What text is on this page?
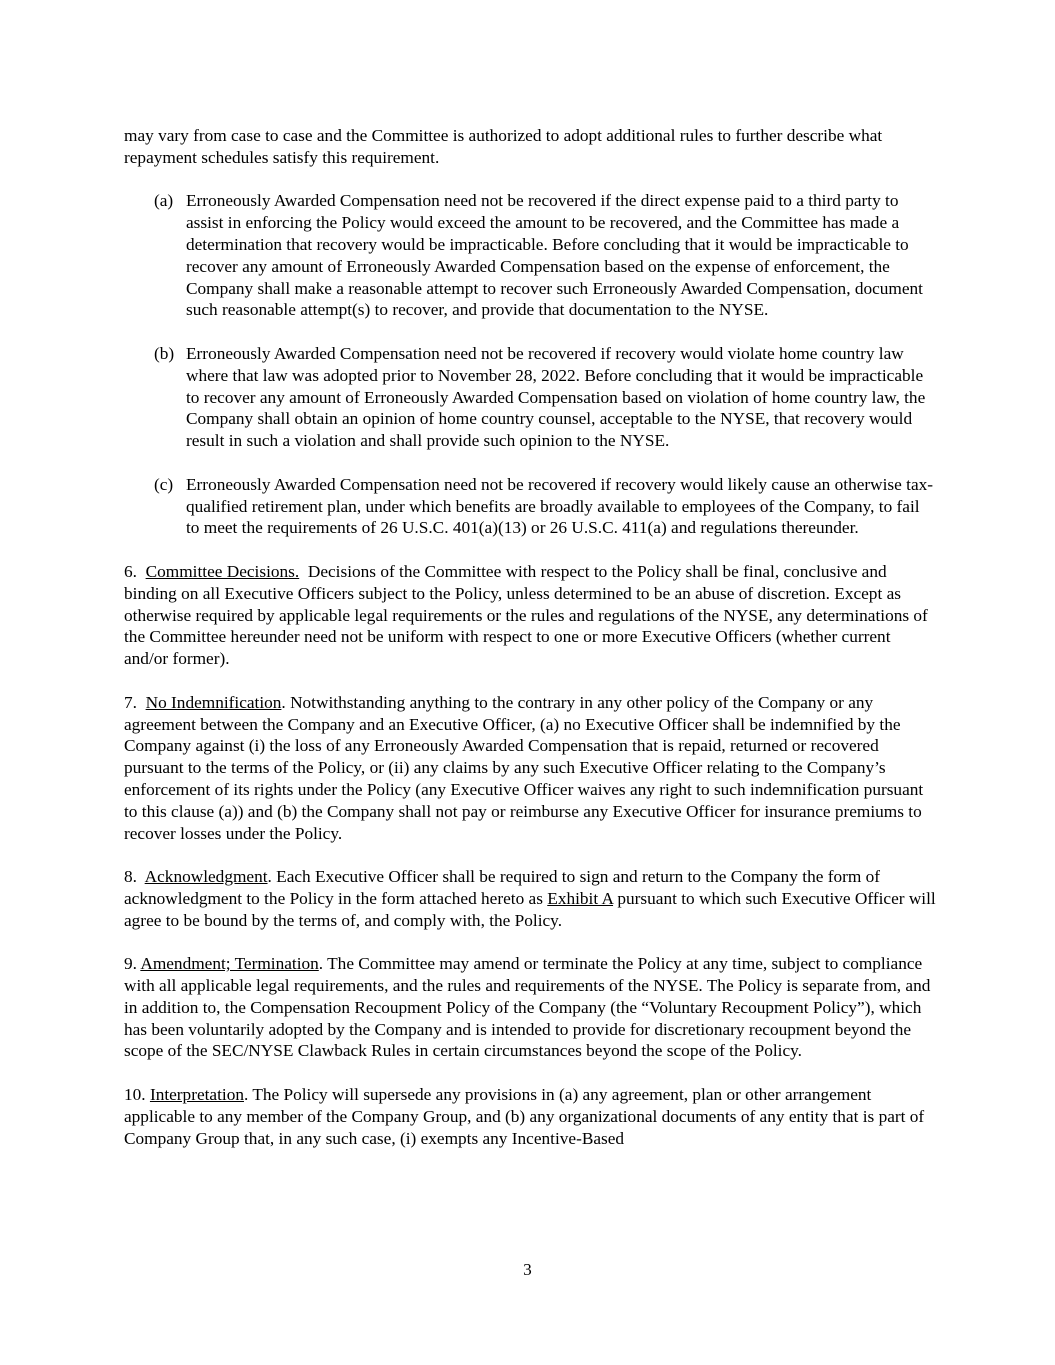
may vary from case to case and the Committee is authorized to adopt additional rules to further describe what repayment schedules satisfy this requirement.

(a) Erroneously Awarded Compensation need not be recovered if the direct expense paid to a third party to assist in enforcing the Policy would exceed the amount to be recovered, and the Committee has made a determination that recovery would be impracticable. Before concluding that it would be impracticable to recover any amount of Erroneously Awarded Compensation based on the expense of enforcement, the Company shall make a reasonable attempt to recover such Erroneously Awarded Compensation, document such reasonable attempt(s) to recover, and provide that documentation to the NYSE.

(b) Erroneously Awarded Compensation need not be recovered if recovery would violate home country law where that law was adopted prior to November 28, 2022. Before concluding that it would be impracticable to recover any amount of Erroneously Awarded Compensation based on violation of home country law, the Company shall obtain an opinion of home country counsel, acceptable to the NYSE, that recovery would result in such a violation and shall provide such opinion to the NYSE.

(c) Erroneously Awarded Compensation need not be recovered if recovery would likely cause an otherwise tax-qualified retirement plan, under which benefits are broadly available to employees of the Company, to fail to meet the requirements of 26 U.S.C. 401(a)(13) or 26 U.S.C. 411(a) and regulations thereunder.

6. Committee Decisions. Decisions of the Committee with respect to the Policy shall be final, conclusive and binding on all Executive Officers subject to the Policy, unless determined to be an abuse of discretion. Except as otherwise required by applicable legal requirements or the rules and regulations of the NYSE, any determinations of the Committee hereunder need not be uniform with respect to one or more Executive Officers (whether current and/or former).

7. No Indemnification. Notwithstanding anything to the contrary in any other policy of the Company or any agreement between the Company and an Executive Officer, (a) no Executive Officer shall be indemnified by the Company against (i) the loss of any Erroneously Awarded Compensation that is repaid, returned or recovered pursuant to the terms of the Policy, or (ii) any claims by any such Executive Officer relating to the Company’s enforcement of its rights under the Policy (any Executive Officer waives any right to such indemnification pursuant to this clause (a)) and (b) the Company shall not pay or reimburse any Executive Officer for insurance premiums to recover losses under the Policy.

8. Acknowledgment. Each Executive Officer shall be required to sign and return to the Company the form of acknowledgment to the Policy in the form attached hereto as Exhibit A pursuant to which such Executive Officer will agree to be bound by the terms of, and comply with, the Policy.

9. Amendment; Termination. The Committee may amend or terminate the Policy at any time, subject to compliance with all applicable legal requirements, and the rules and requirements of the NYSE. The Policy is separate from, and in addition to, the Compensation Recoupment Policy of the Company (the “Voluntary Recoupment Policy”), which has been voluntarily adopted by the Company and is intended to provide for discretionary recoupment beyond the scope of the SEC/NYSE Clawback Rules in certain circumstances beyond the scope of the Policy.

10. Interpretation. The Policy will supersede any provisions in (a) any agreement, plan or other arrangement applicable to any member of the Company Group, and (b) any organizational documents of any entity that is part of Company Group that, in any such case, (i) exempts any Incentive-Based

3
